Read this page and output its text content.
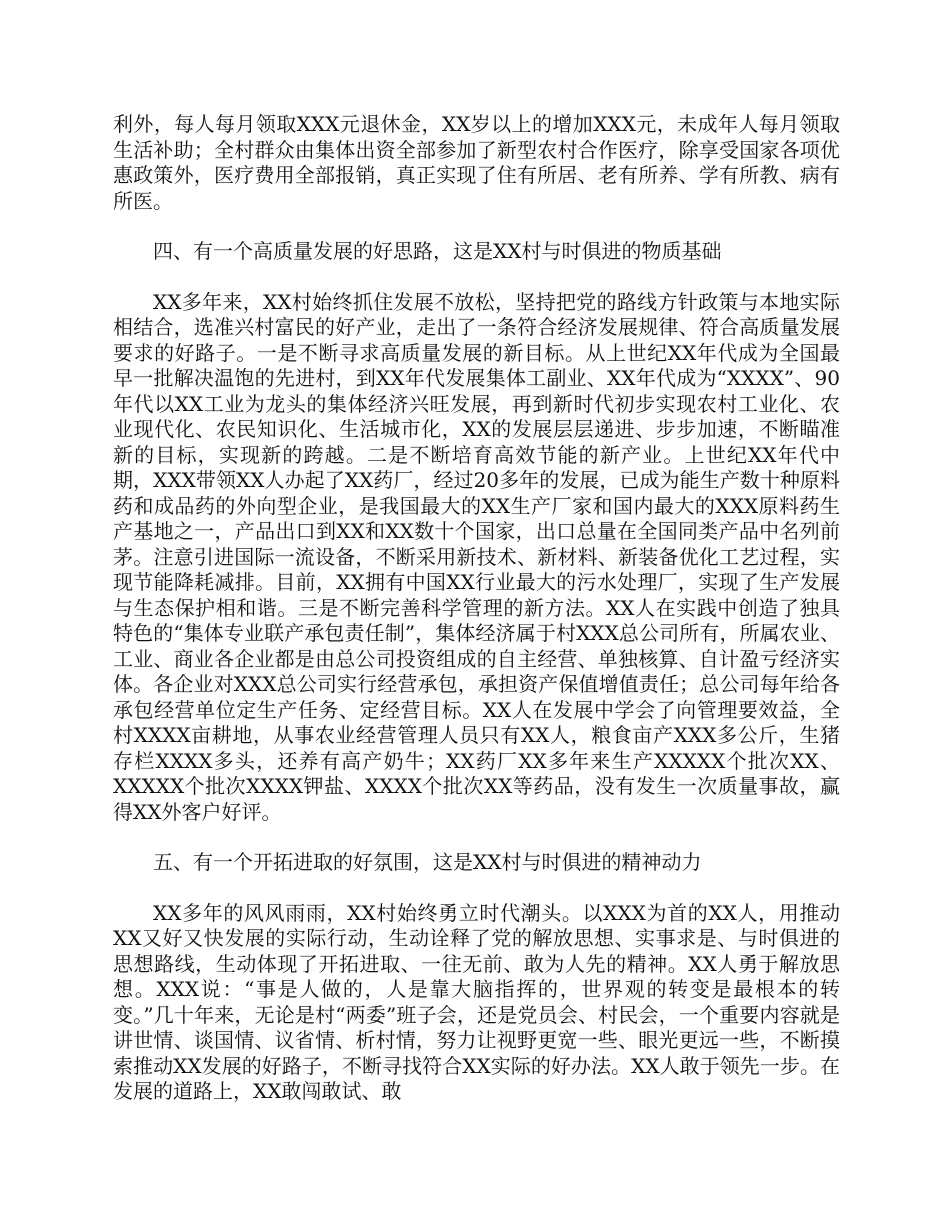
利外，每人每月领取XXX元退休金，XX岁以上的增加XXX元，未成年人每月领取生活补助；全村群众由集体出资全部参加了新型农村合作医疗，除享受国家各项优惠政策外，医疗费用全部报销，真正实现了住有所居、老有所养、学有所教、病有所医。

四、有一个高质量发展的好思路，这是XX村与时俱进的物质基础

XX多年来，XX村始终抓住发展不放松，坚持把党的路线方针政策与本地实际相结合，选准兴村富民的好产业，走出了一条符合经济发展规律、符合高质量发展要求的好路子。一是不断寻求高质量发展的新目标。从上世纪XX年代成为全国最早一批解决温饱的先进村，到XX年代发展集体工副业、XX年代成为“XXXX”、90年代以XX工业为龙头的集体经济兴旺发展，再到新时代初步实现农村工业化、农业现代化、农民知识化、生活城市化，XX的发展层层递进、步步加速，不断瞄准新的目标，实现新的跨越。二是不断培育高效节能的新产业。上世纪XX年代中期，XXX带领XX人办起了XX药厂，经过20多年的发展，已成为能生产数十种原料药和成品药的外向型企业，是我国最大的XX生产厂家和国内最大的XXX原料药生产基地之一，产品出口到XX和XX数十个国家，出口总量在全国同类产品中名列前茅。注意引进国际一流设备，不断采用新技术、新材料、新装备优化工艺过程，实现节能降耗减排。目前，XX拥有中国XX行业最大的污水处理厂，实现了生产发展与生态保护相和谐。三是不断完善科学管理的新方法。XX人在实践中创造了独具特色的“集体专业联产承包责任制”，集体经济属于村XXX总公司所有，所属农业、工业、商业各企业都是由总公司投资组成的自主经营、单独核算、自计盈亏经济实体。各企业对XXX总公司实行经营承包，承担资产保值增值责任；总公司每年给各承包经营单位定生产任务、定经营目标。XX人在发展中学会了向管理要效益，全村XXXX亩耕地，从事农业经营管理人员只有XX人，粮食亩产XXX多公斤，生猪存栏XXXX多头，还养有高产奶牛；XX药厂XX多年来生产XXXXX个批次XX、XXXXX个批次XXXX钾盐、XXXX个批次XX等药品，没有发生一次质量事故，赢得XX外客户好评。

五、有一个开拓进取的好氛围，这是XX村与时俱进的精神动力

XX多年的风风雨雨，XX村始终勇立时代潮头。以XXX为首的XX人，用推动XX又好又快发展的实际行动，生动诠释了党的解放思想、实事求是、与时俱进的思想路线，生动体现了开拓进取、一往无前、敢为人先的精神。XX人勇于解放思想。XXX说：“事是人做的，人是靠大脑指挥的，世界观的转变是最根本的转变。”几十年来，无论是村“两委”班子会，还是党员会、村民会，一个重要内容就是讲世情、谈国情、议省情、析村情，努力让视野更宽一些、眼光更远一些，不断摸索推动XX发展的好路子，不断寻找符合XX实际的好办法。XX人敢于领先一步。在发展的道路上，XX敢闯敢试、敢
